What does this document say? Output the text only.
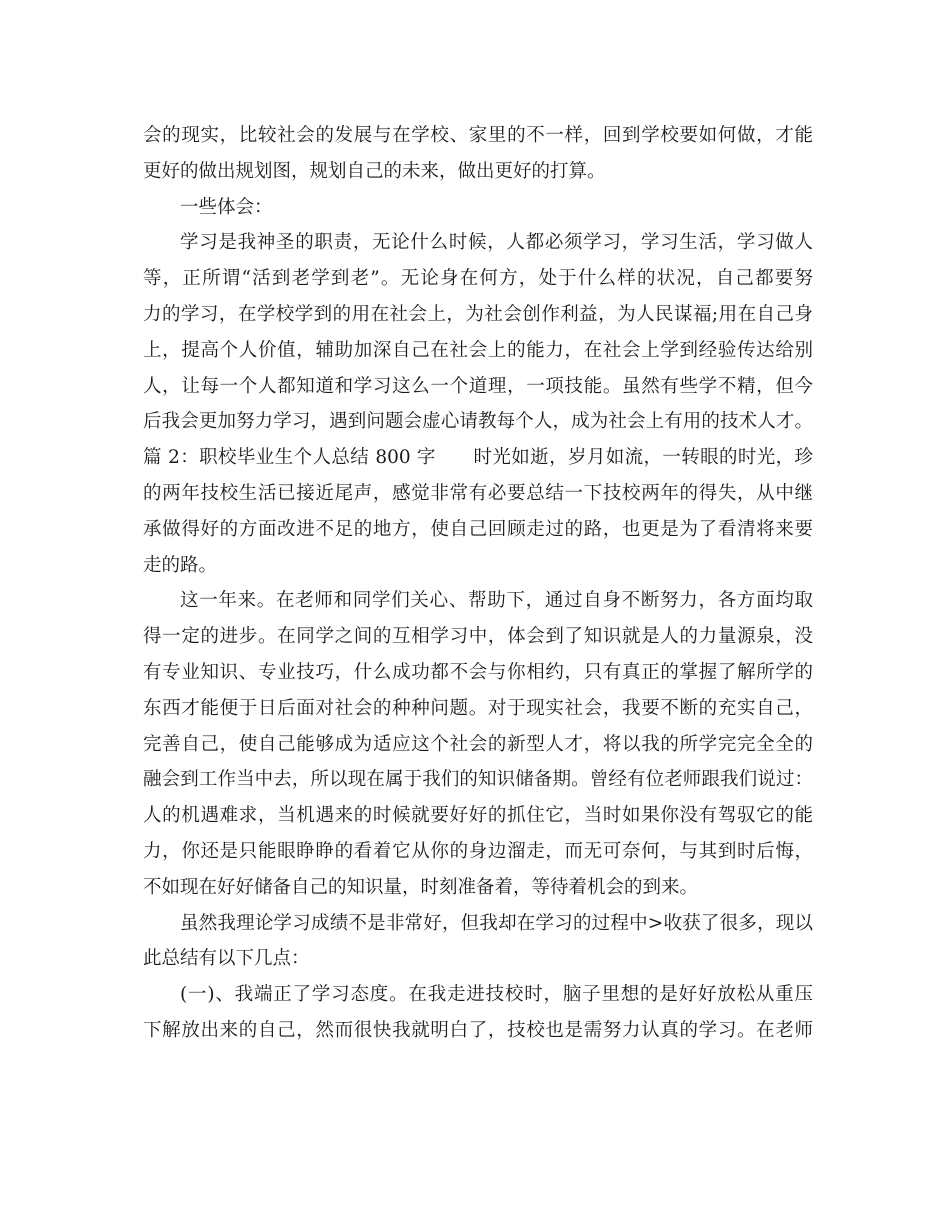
会的现实，比较社会的发展与在学校、家里的不一样，回到学校要如何做，才能
更好的做出规划图，规划自己的未来，做出更好的打算。
一些体会：
学习是我神圣的职责，无论什么时候，人都必须学习，学习生活，学习做人
等，正所谓“活到老学到老”。无论身在何方，处于什么样的状况，自己都要努
力的学习，在学校学到的用在社会上，为社会创作利益，为人民谋福;用在自己身
上，提高个人价值，辅助加深自己在社会上的能力，在社会上学到经验传达给别
人，让每一个人都知道和学习这么一个道理，一项技能。虽然有些学不精，但今
后我会更加努力学习，遇到问题会虚心请教每个人，成为社会上有用的技术人才。
篇 2：职校毕业生个人总结 800 字　　时光如逝，岁月如流，一转眼的时光，珍
的两年技校生活已接近尾声，感觉非常有必要总结一下技校两年的得失，从中继
承做得好的方面改进不足的地方，使自己回顾走过的路，也更是为了看清将来要
走的路。
这一年来。在老师和同学们关心、帮助下，通过自身不断努力，各方面均取
得一定的进步。在同学之间的互相学习中，体会到了知识就是人的力量源泉，没
有专业知识、专业技巧，什么成功都不会与你相约，只有真正的掌握了解所学的
东西才能便于日后面对社会的种种问题。对于现实社会，我要不断的充实自己，
完善自己，使自己能够成为适应这个社会的新型人才，将以我的所学完完全全的
融会到工作当中去，所以现在属于我们的知识储备期。曾经有位老师跟我们说过：
人的机遇难求，当机遇来的时候就要好好的抓住它，当时如果你没有驾驭它的能
力，你还是只能眼睁睁的看着它从你的身边溜走，而无可奈何，与其到时后悔，
不如现在好好储备自己的知识量，时刻准备着，等待着机会的到来。
虽然我理论学习成绩不是非常好，但我却在学习的过程中>收获了很多，现以
此总结有以下几点：
(一)、我端正了学习态度。在我走进技校时，脑子里想的是好好放松从重压
下解放出来的自己，然而很快我就明白了，技校也是需努力认真的学习。在老师
